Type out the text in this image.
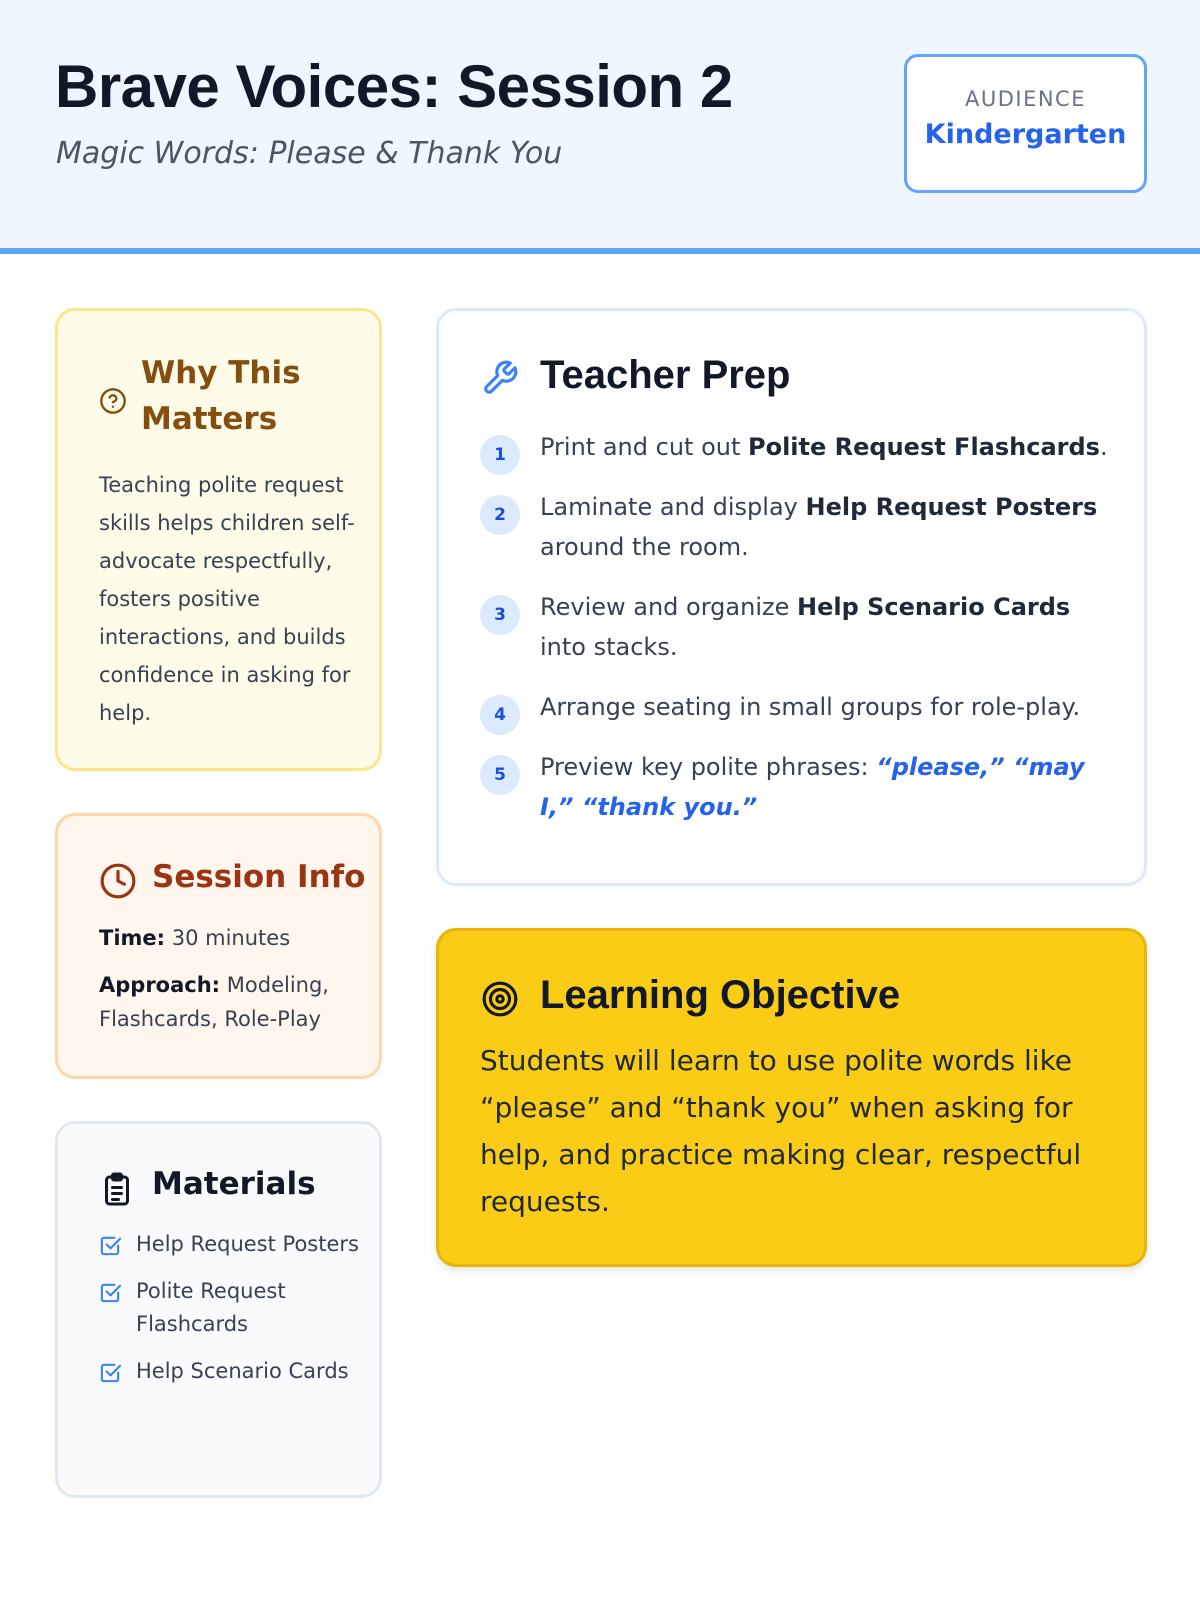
Brave Voices: Session 2
Magic Words: Please & Thank You
AUDIENCE
Kindergarten
Why This Matters

Teaching polite request skills helps children self-advocate respectfully, fosters positive interactions, and builds confidence in asking for help.

Session Info
Time: 30 minutes
Approach: Modeling, Flashcards, Role-Play
Materials
Help Request Posters
Polite Request Flashcards
Help Scenario Cards
Teacher Prep
1	Print and cut out Polite Request Flashcards.
2	Laminate and display Help Request Posters around the room.
3	Review and organize Help Scenario Cards into stacks.
4	Arrange seating in small groups for role-play.
5	Preview key polite phrases: “please,” “may I,” “thank you.”
Learning Objective

Students will learn to use polite words like “please” and “thank you” when asking for help, and practice making clear, respectful requests.
